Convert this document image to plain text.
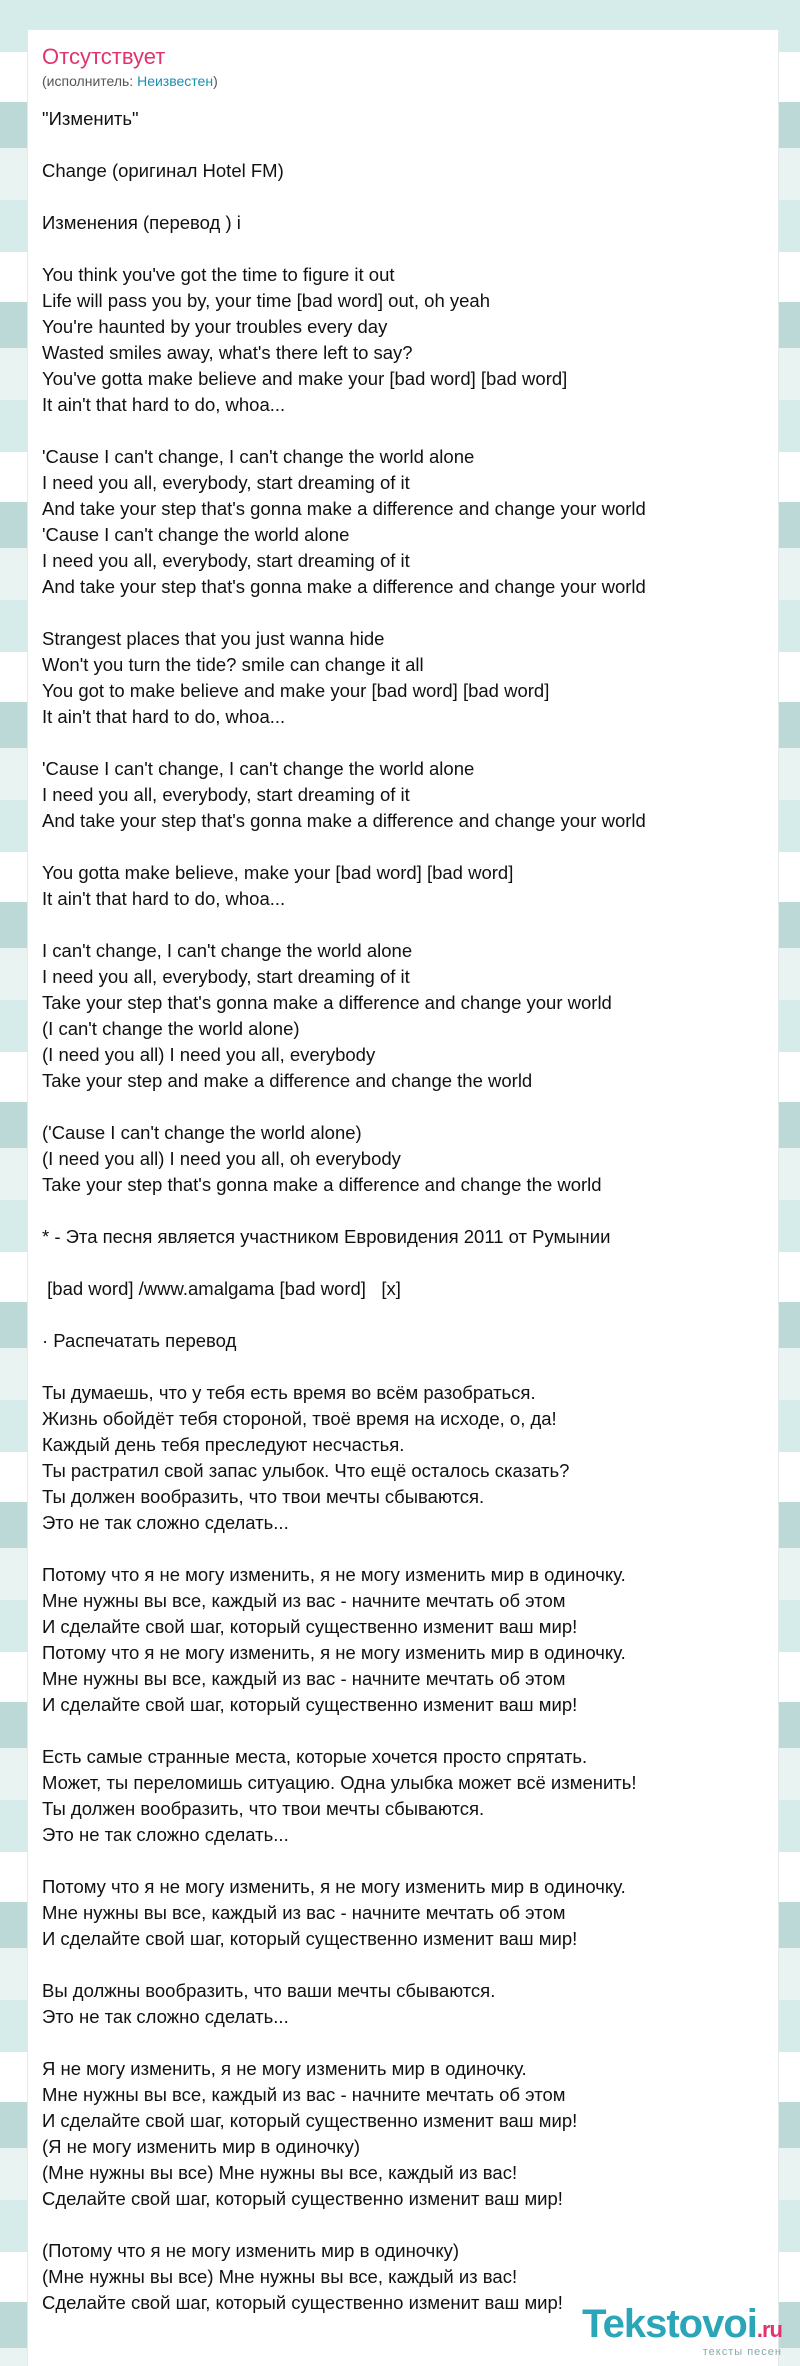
Отсутствует
(исполнитель: Неизвестен)
"Изменить"
Change (оригинал Hotel FM)
Изменения (перевод ) i
You think you've got the time to figure it out
Life will pass you by, your time [bad word] out, oh yeah
You're haunted by your troubles every day
Wasted smiles away, what's there left to say?
You've gotta make believe and make your [bad word] [bad word]
It ain't that hard to do, whoa...
'Cause I can't change, I can't change the world alone
I need you all, everybody, start dreaming of it
And take your step that's gonna make a difference and change your world
'Cause I can't change the world alone
I need you all, everybody, start dreaming of it
And take your step that's gonna make a difference and change your world
Strangest places that you just wanna hide
Won't you turn the tide? smile can change it all
You got to make believe and make your [bad word] [bad word]
It ain't that hard to do, whoa...
'Cause I can't change, I can't change the world alone
I need you all, everybody, start dreaming of it
And take your step that's gonna make a difference and change your world
You gotta make believe, make your [bad word] [bad word]
It ain't that hard to do, whoa...
I can't change, I can't change the world alone
I need you all, everybody, start dreaming of it
Take your step that's gonna make a difference and change your world
(I can't change the world alone)
(I need you all) I need you all, everybody
Take your step and make a difference and change the world
('Cause I can't change the world alone)
(I need you all) I need you all, oh everybody
Take your step that's gonna make a difference and change the world
* - Эта песня является участником Евровидения 2011 от Румынии
[bad word] /www.amalgama [bad word]   [x]
· Распечатать перевод
Ты думаешь, что у тебя есть время во всём разобраться.
Жизнь обойдёт тебя стороной, твоё время на исходе, о, да!
Каждый день тебя преследуют несчастья.
Ты растратил свой запас улыбок. Что ещё осталось сказать?
Ты должен вообразить, что твои мечты сбываются.
Это не так сложно сделать...
Потому что я не могу изменить, я не могу изменить мир в одиночку.
Мне нужны вы все, каждый из вас - начните мечтать об этом
И сделайте свой шаг, который существенно изменит ваш мир!
Потому что я не могу изменить, я не могу изменить мир в одиночку.
Мне нужны вы все, каждый из вас - начните мечтать об этом
И сделайте свой шаг, который существенно изменит ваш мир!
Есть самые странные места, которые хочется просто спрятать.
Может, ты переломишь ситуацию. Одна улыбка может всё изменить!
Ты должен вообразить, что твои мечты сбываются.
Это не так сложно сделать...
Потому что я не могу изменить, я не могу изменить мир в одиночку.
Мне нужны вы все, каждый из вас - начните мечтать об этом
И сделайте свой шаг, который существенно изменит ваш мир!
Вы должны вообразить, что ваши мечты сбываются.
Это не так сложно сделать...
Я не могу изменить, я не могу изменить мир в одиночку.
Мне нужны вы все, каждый из вас - начните мечтать об этом
И сделайте свой шаг, который существенно изменит ваш мир!
(Я не могу изменить мир в одиночку)
(Мне нужны вы все) Мне нужны вы все, каждый из вас!
Сделайте свой шаг, который существенно изменит ваш мир!
(Потому что я не могу изменить мир в одиночку)
(Мне нужны вы все) Мне нужны вы все, каждый из вас!
Сделайте свой шаг, который существенно изменит ваш мир! Tekstovoi.ru
тексты песен
